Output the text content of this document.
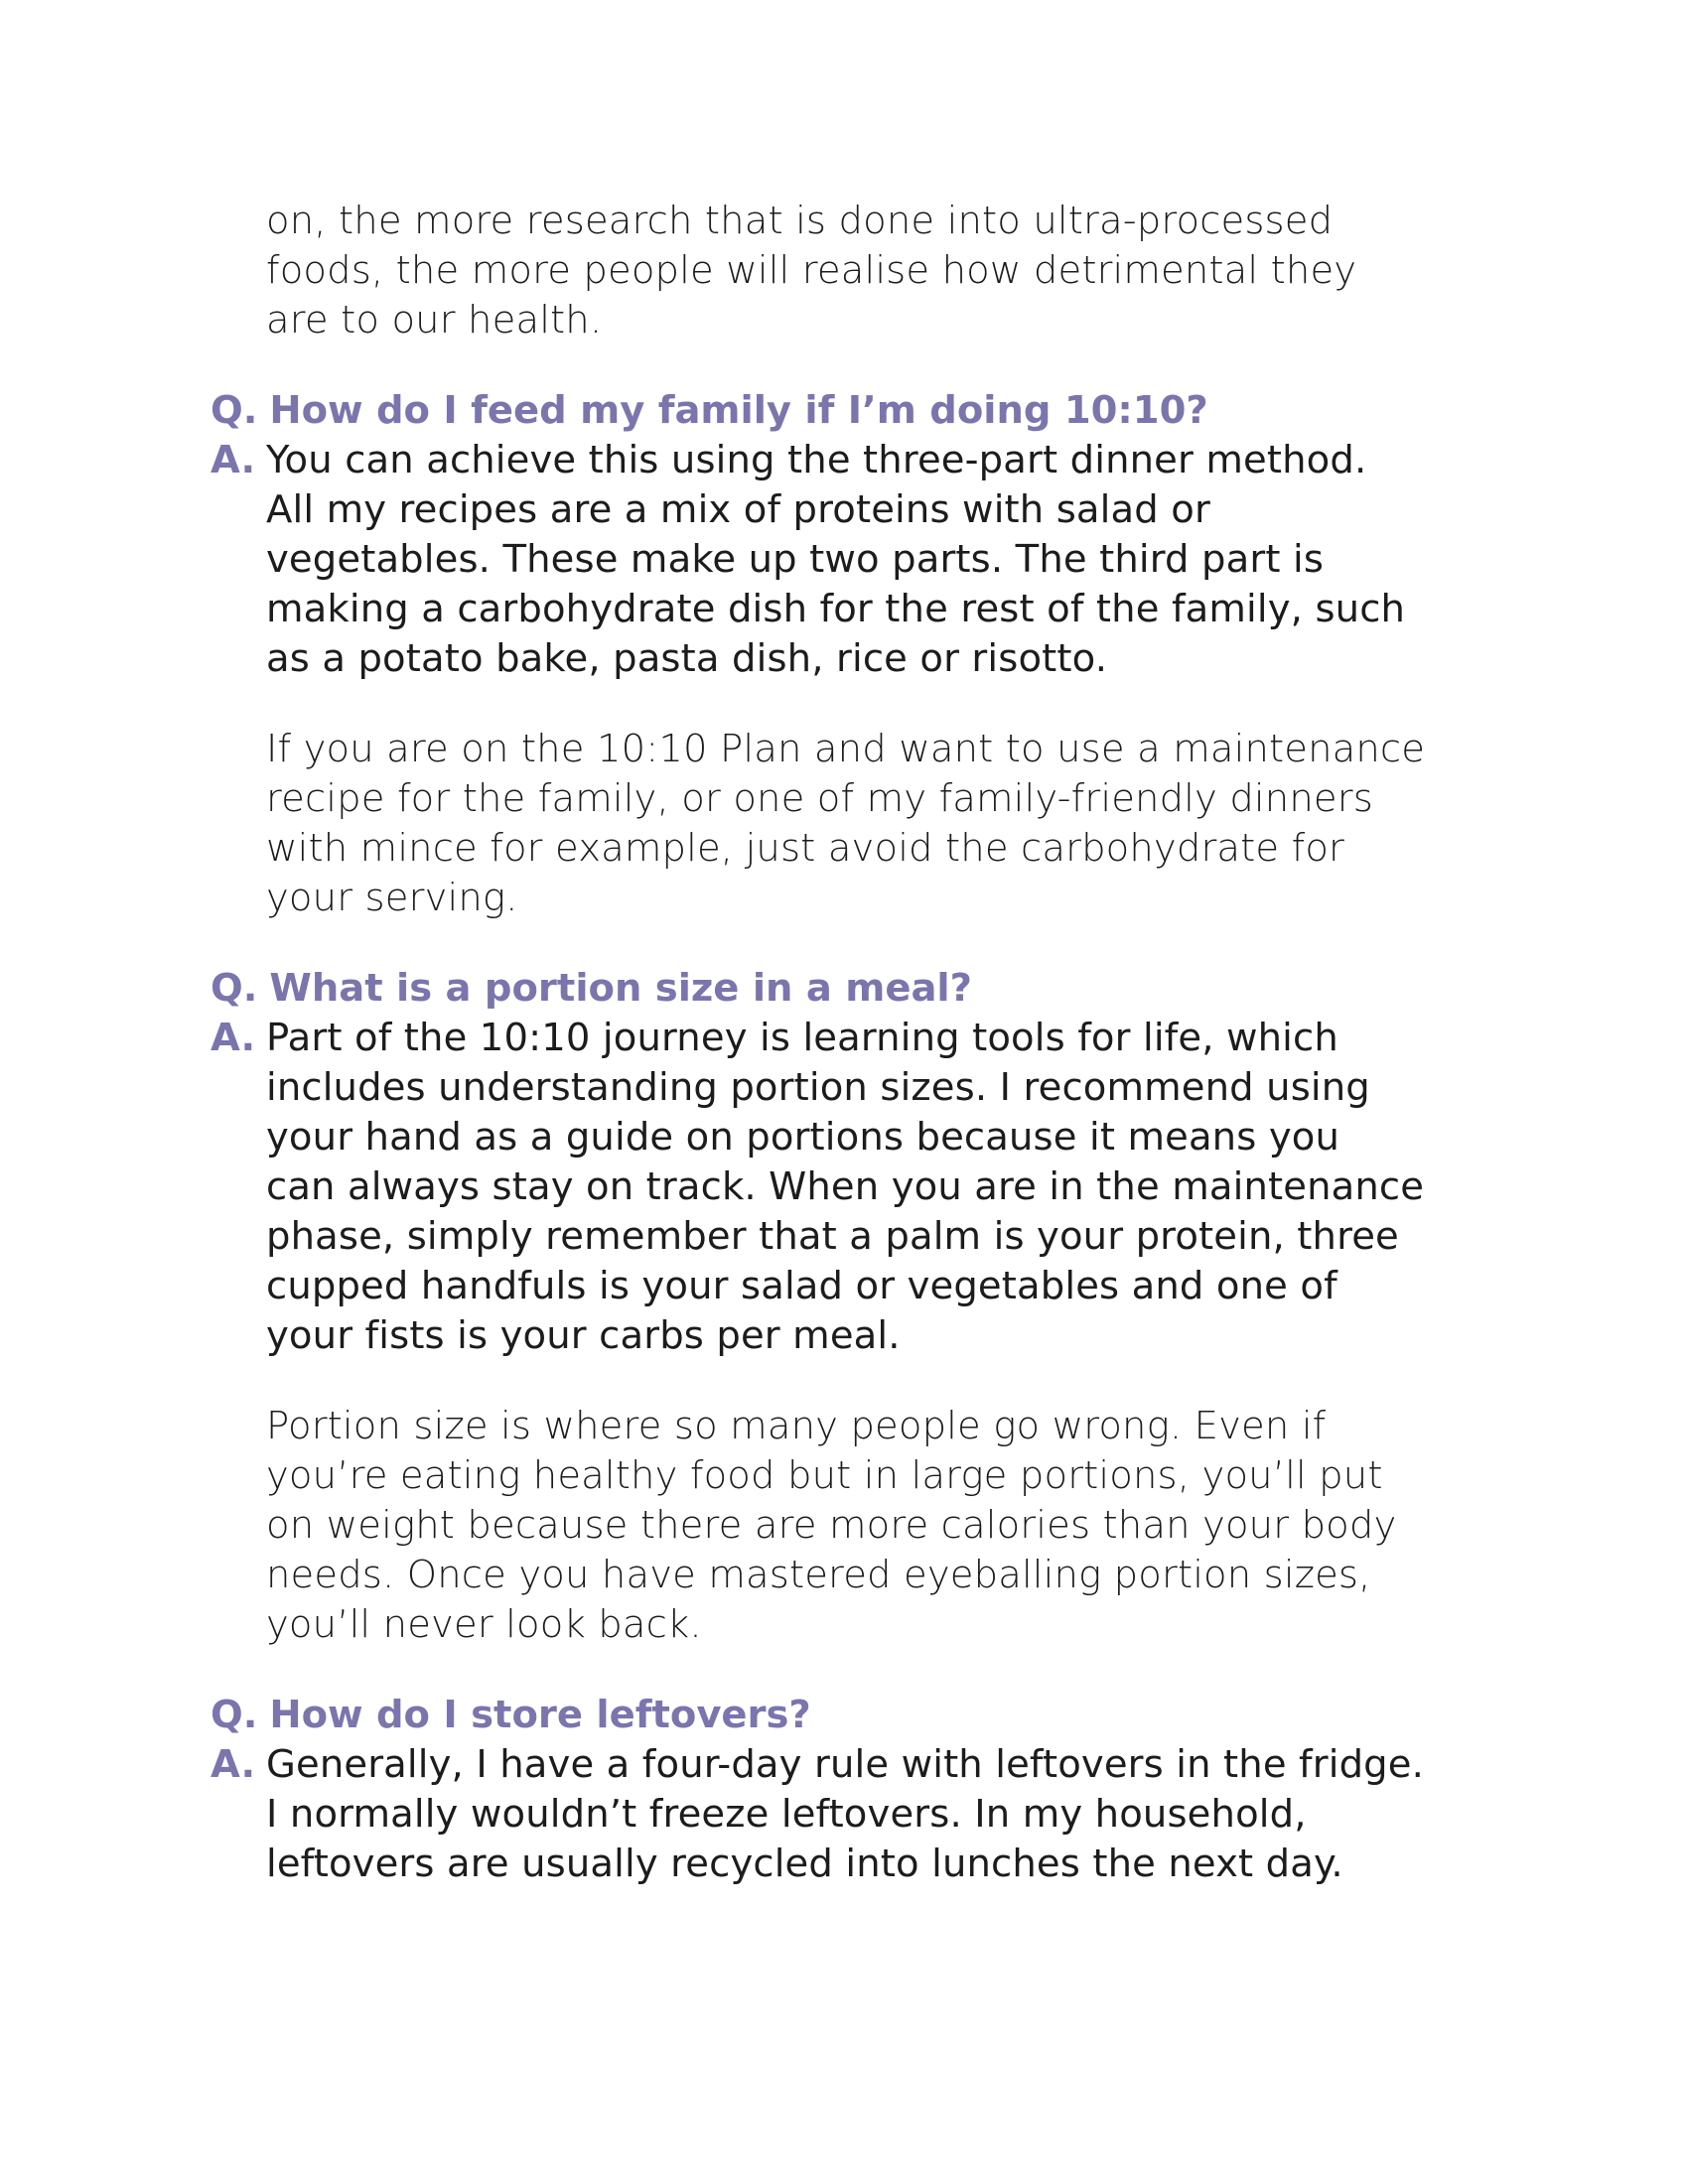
on, the more research that is done into ultra-processed
foods, the more people will realise how detrimental they
are to our health.

Q. How do I feed my family if I’m doing 10:10?
A. You can achieve this using the three-part dinner method.
All my recipes are a mix of proteins with salad or
vegetables. These make up two parts. The third part is
making a carbohydrate dish for the rest of the family, such
as a potato bake, pasta dish, rice or risotto.

If you are on the 10:10 Plan and want to use a maintenance
recipe for the family, or one of my family-friendly dinners
with mince for example, just avoid the carbohydrate for
your serving.

Q. What is a portion size in a meal?
A. Part of the 10:10 journey is learning tools for life, which
includes understanding portion sizes. I recommend using
your hand as a guide on portions because it means you
can always stay on track. When you are in the maintenance
phase, simply remember that a palm is your protein, three
cupped handfuls is your salad or vegetables and one of
your fists is your carbs per meal.

Portion size is where so many people go wrong. Even if
you’re eating healthy food but in large portions, you’ll put
on weight because there are more calories than your body
needs. Once you have mastered eyeballing portion sizes,
you’ll never look back.

Q. How do I store leftovers?
A. Generally, I have a four-day rule with leftovers in the fridge.
I normally wouldn’t freeze leftovers. In my household,
leftovers are usually recycled into lunches the next day.
